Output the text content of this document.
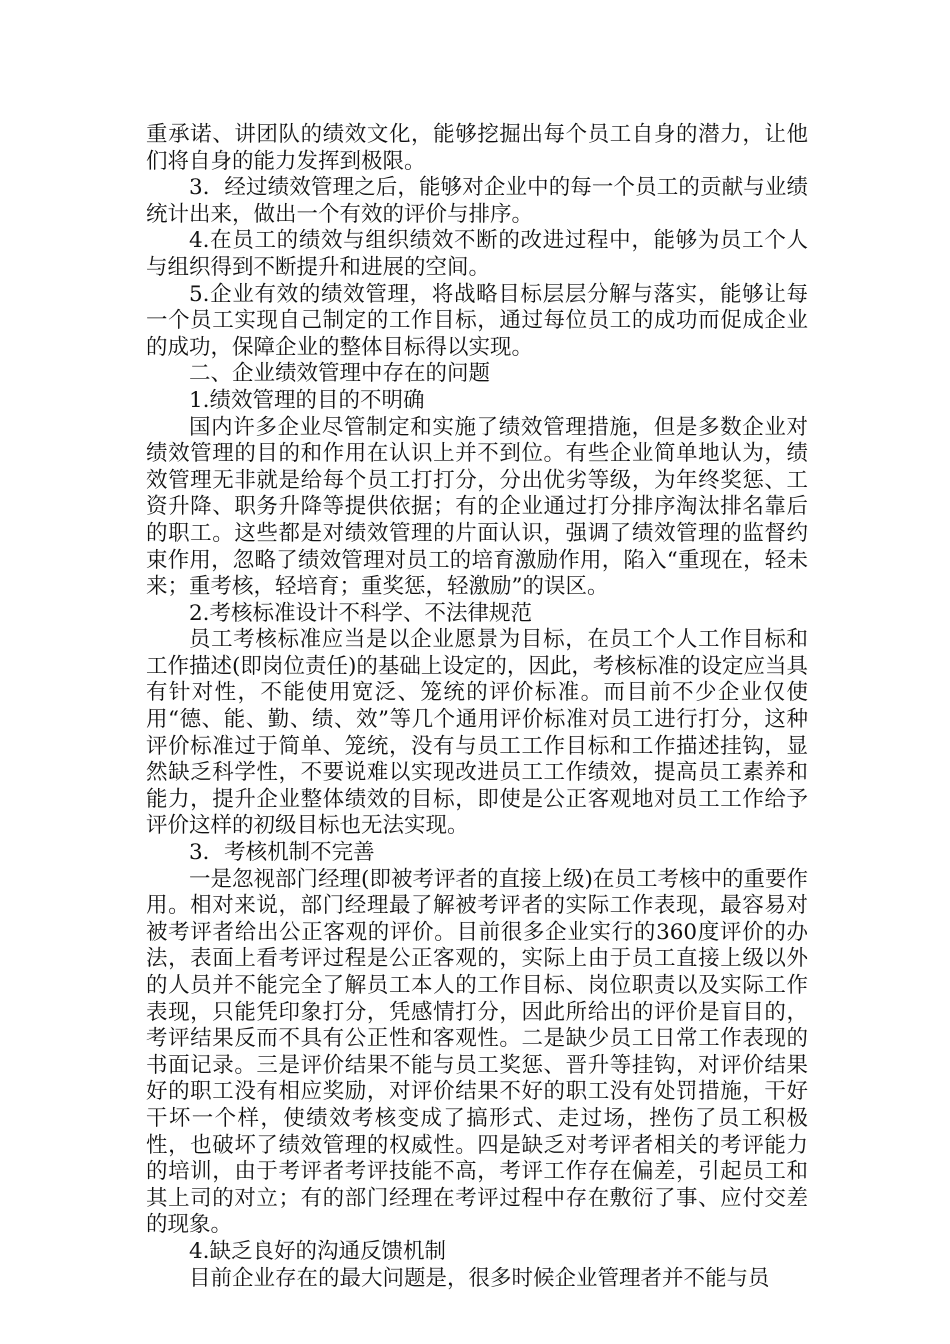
重承诺、讲团队的绩效文化，能够挖掘出每个员工自身的潜力，让他们将自身的能力发挥到极限。

3．经过绩效管理之后，能够对企业中的每一个员工的贡献与业绩统计出来，做出一个有效的评价与排序。

4.在员工的绩效与组织绩效不断的改进过程中，能够为员工个人与组织得到不断提升和进展的空间。

5.企业有效的绩效管理，将战略目标层层分解与落实，能够让每一个员工实现自己制定的工作目标，通过每位员工的成功而促成企业的成功，保障企业的整体目标得以实现。

二、企业绩效管理中存在的问题

1.绩效管理的目的不明确

国内许多企业尽管制定和实施了绩效管理措施，但是多数企业对绩效管理的目的和作用在认识上并不到位。有些企业简单地认为，绩效管理无非就是给每个员工打打分，分出优劣等级，为年终奖惩、工资升降、职务升降等提供依据；有的企业通过打分排序淘汰排名靠后的职工。这些都是对绩效管理的片面认识，强调了绩效管理的监督约束作用，忽略了绩效管理对员工的培育激励作用，陷入“重现在，轻未来；重考核，轻培育；重奖惩，轻激励”的误区。

2.考核标准设计不科学、不法律规范

员工考核标准应当是以企业愿景为目标，在员工个人工作目标和工作描述(即岗位责任)的基础上设定的，因此，考核标准的设定应当具有针对性，不能使用宽泛、笼统的评价标准。而目前不少企业仅使用“德、能、勤、绩、效”等几个通用评价标准对员工进行打分，这种评价标准过于简单、笼统，没有与员工工作目标和工作描述挂钩，显然缺乏科学性，不要说难以实现改进员工工作绩效，提高员工素养和能力，提升企业整体绩效的目标，即使是公正客观地对员工工作给予评价这样的初级目标也无法实现。

3．考核机制不完善

一是忽视部门经理(即被考评者的直接上级)在员工考核中的重要作用。相对来说，部门经理最了解被考评者的实际工作表现，最容易对被考评者给出公正客观的评价。目前很多企业实行的360度评价的办法，表面上看考评过程是公正客观的，实际上由于员工直接上级以外的人员并不能完全了解员工本人的工作目标、岗位职责以及实际工作表现，只能凭印象打分，凭感情打分，因此所给出的评价是盲目的，考评结果反而不具有公正性和客观性。二是缺少员工日常工作表现的书面记录。三是评价结果不能与员工奖惩、晋升等挂钩，对评价结果好的职工没有相应奖励，对评价结果不好的职工没有处罚措施，干好干坏一个样，使绩效考核变成了搞形式、走过场，挫伤了员工积极性，也破坏了绩效管理的权威性。四是缺乏对考评者相关的考评能力的培训，由于考评者考评技能不高，考评工作存在偏差，引起员工和其上司的对立；有的部门经理在考评过程中存在敷衍了事、应付交差的现象。

4.缺乏良好的沟通反馈机制

目前企业存在的最大问题是，很多时候企业管理者并不能与员
